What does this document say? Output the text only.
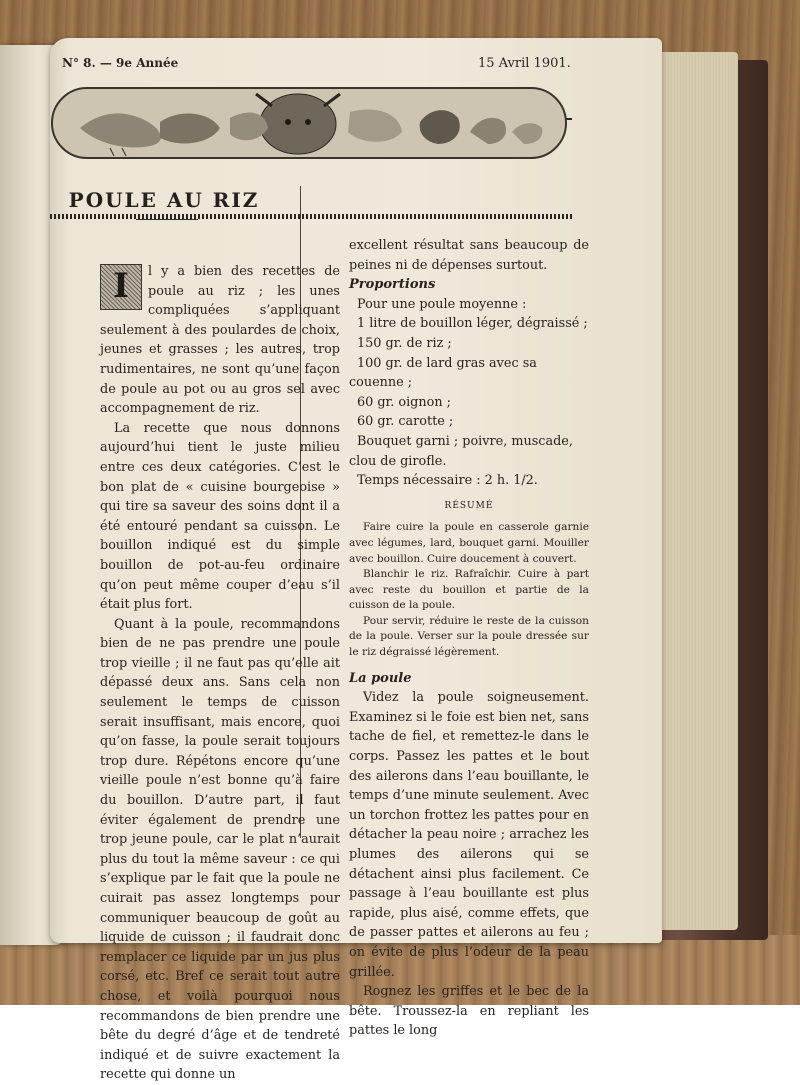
N° 8. — 9e Année	15 Avril 1901.
POULE AU RIZ

I	l y a bien des recettes de poule au riz ; les unes compliquées s’appliquant seulement à des poulardes de choix, jeunes et grasses ; les autres, trop rudimentaires, ne sont qu’une façon de poule au pot ou au gros sel avec accompagnement de riz.

La recette que nous donnons aujourd’hui tient le juste milieu entre ces deux catégories. C’est le bon plat de « cuisine bourgeoise » qui tire sa saveur des soins dont il a été entouré pendant sa cuisson. Le bouillon indiqué est du simple bouillon de pot-au-feu ordinaire qu’on peut même couper d’eau s’il était plus fort.

Quant à la poule, recommandons bien de ne pas prendre une poule trop vieille ; il ne faut pas qu’elle ait dépassé deux ans. Sans cela non seulement le temps de cuisson serait insuffisant, mais encore, quoi qu’on fasse, la poule serait toujours trop dure. Répétons encore qu’une vieille poule n’est bonne qu’à faire du bouillon. D’autre part, il faut éviter également de prendre une trop jeune poule, car le plat n’aurait plus du tout la même saveur : ce qui s’explique par le fait que la poule ne cuirait pas assez longtemps pour communiquer beaucoup de goût au liquide de cuisson ; il faudrait donc remplacer ce liquide par un jus plus corsé, etc. Bref ce serait tout autre chose, et voilà pourquoi nous recommandons de bien prendre une bête du degré d’âge et de tendreté indiqué et de suivre exactement la recette qui donne un

excellent résultat sans beaucoup de peines ni de dépenses surtout.

Proportions

Pour une poule moyenne :

1 litre de bouillon léger, dégraissé ;

150 gr. de riz ;

100 gr. de lard gras avec sa couenne ;

60 gr. oignon ;

60 gr. carotte ;

Bouquet garni ; poivre, muscade, clou de girofle.

Temps nécessaire : 2 h. 1/2.

RÉSUMÉ

Faire cuire la poule en casserole garnie avec légumes, lard, bouquet garni. Mouiller avec bouillon. Cuire doucement à couvert.

Blanchir le riz. Rafraîchir. Cuire à part avec reste du bouillon et partie de la cuisson de la poule.

Pour servir, réduire le reste de la cuisson de la poule. Verser sur la poule dressée sur le riz dégraissé légèrement.

La poule

Videz la poule soigneusement. Examinez si le foie est bien net, sans tache de fiel, et remettez-le dans le corps. Passez les pattes et le bout des ailerons dans l’eau bouillante, le temps d’une minute seulement. Avec un torchon frottez les pattes pour en détacher la peau noire ; arrachez les plumes des ailerons qui se détachent ainsi plus facilement. Ce passage à l’eau bouillante est plus rapide, plus aisé, comme effets, que de passer pattes et ailerons au feu ; on évite de plus l’odeur de la peau grillée.

Rognez les griffes et le bec de la bête. Troussez-la en repliant les pattes le long
